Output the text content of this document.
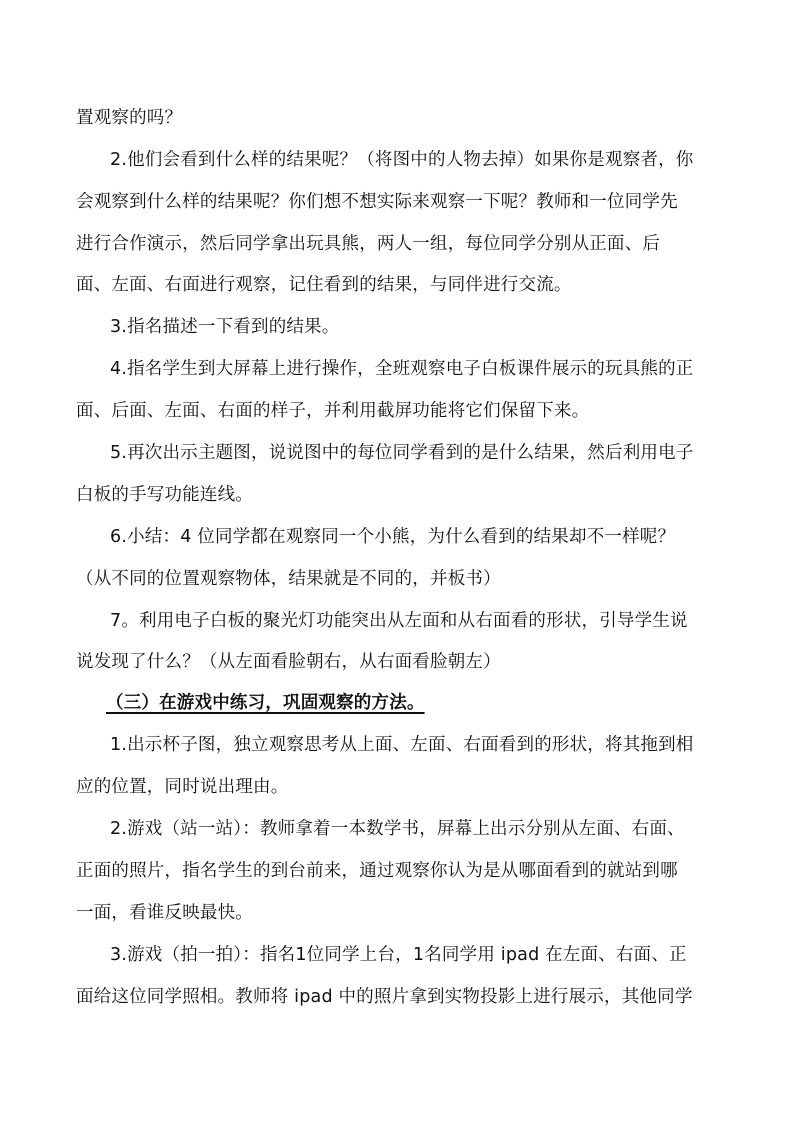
置观察的吗？
2.他们会看到什么样的结果呢？（将图中的人物去掉）如果你是观察者，你
会观察到什么样的结果呢？你们想不想实际来观察一下呢？教师和一位同学先
进行合作演示，然后同学拿出玩具熊，两人一组，每位同学分别从正面、后
面、左面、右面进行观察，记住看到的结果，与同伴进行交流。
3.指名描述一下看到的结果。
4.指名学生到大屏幕上进行操作，全班观察电子白板课件展示的玩具熊的正
面、后面、左面、右面的样子，并利用截屏功能将它们保留下来。
5.再次出示主题图，说说图中的每位同学看到的是什么结果，然后利用电子
白板的手写功能连线。
6.小结：4 位同学都在观察同一个小熊，为什么看到的结果却不一样呢？
（从不同的位置观察物体，结果就是不同的，并板书）
7。利用电子白板的聚光灯功能突出从左面和从右面看的形状，引导学生说
说发现了什么？（从左面看脸朝右，从右面看脸朝左）
（三）在游戏中练习，巩固观察的方法。
1.出示杯子图，独立观察思考从上面、左面、右面看到的形状，将其拖到相
应的位置，同时说出理由。
2.游戏（站一站）：教师拿着一本数学书，屏幕上出示分别从左面、右面、
正面的照片，指名学生的到台前来，通过观察你认为是从哪面看到的就站到哪
一面，看谁反映最快。
3.游戏（拍一拍）：指名1位同学上台，1名同学用 ipad 在左面、右面、正
面给这位同学照相。教师将 ipad 中的照片拿到实物投影上进行展示，其他同学
